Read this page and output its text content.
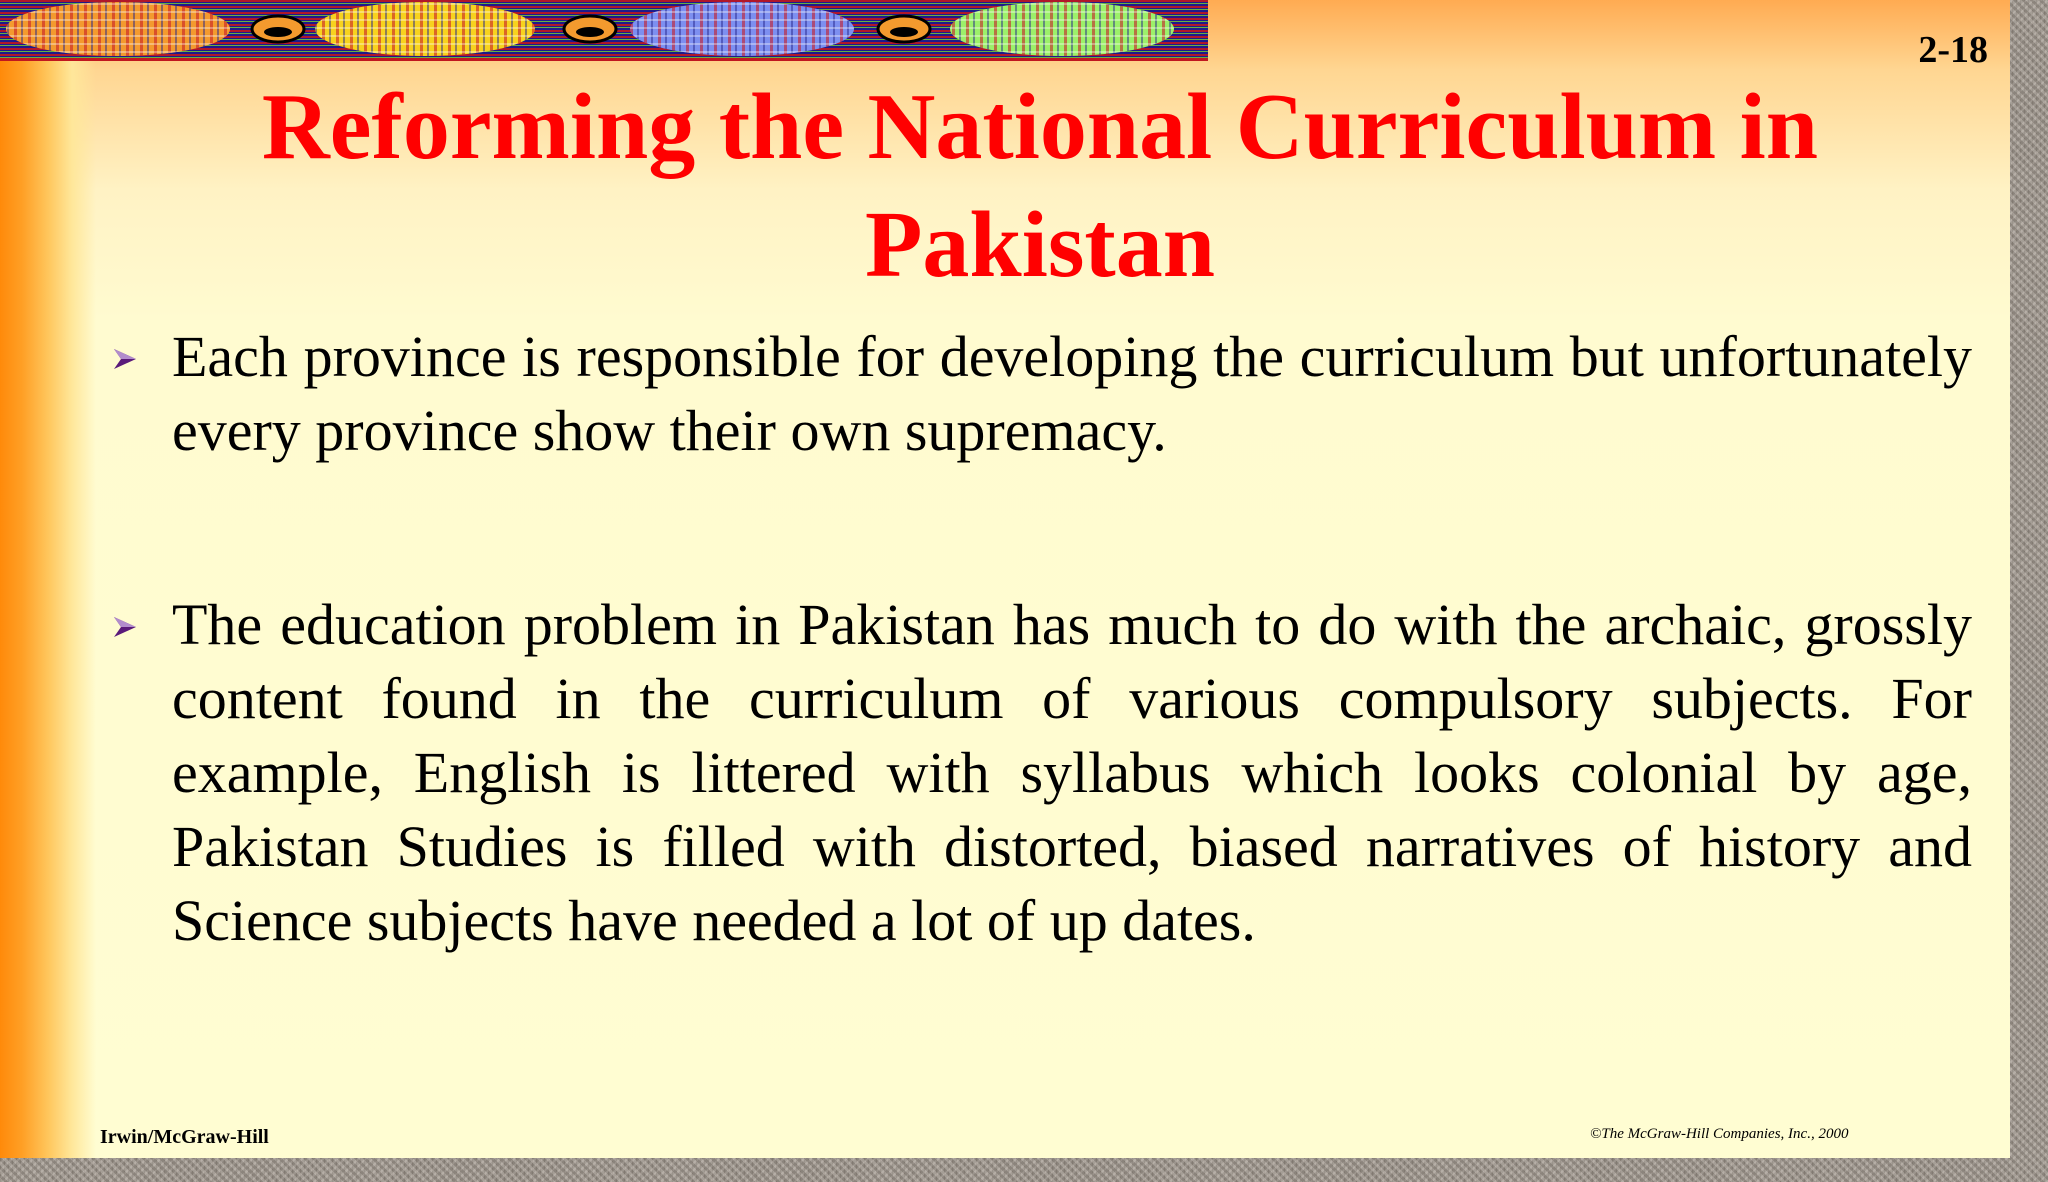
2-18
Reforming the National Curriculum in Pakistan
Each province is responsible for developing the curriculum but unfortunately every province show their own supremacy.
The education problem in Pakistan has much to do with the archaic, grossly content found in the curriculum of various compulsory subjects. For example, English is littered with syllabus which looks colonial by age, Pakistan Studies is filled with distorted, biased narratives of history and Science subjects have needed a lot of up dates.
Irwin/McGraw-Hill	©The McGraw-Hill Companies, Inc., 2000
